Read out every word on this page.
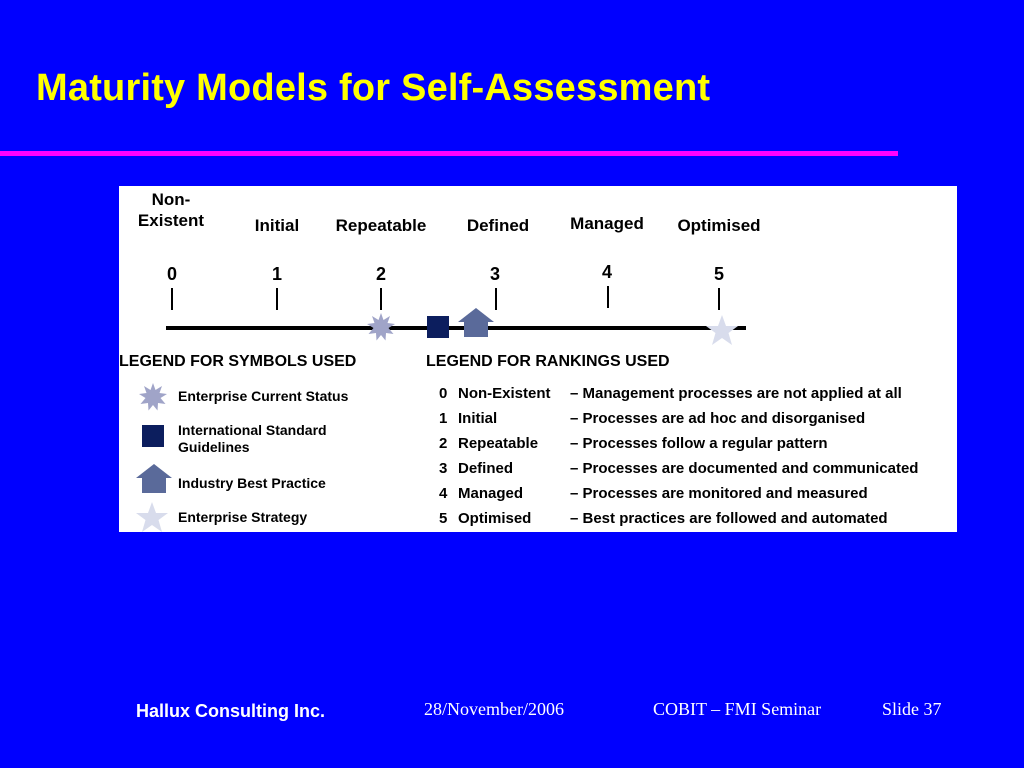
Maturity Models for Self-Assessment
Non-
Existent	Initial Repeatable Defined Managed Optimised
0	1	2	3	4	5
LEGEND FOR SYMBOLS USED	LEGEND FOR RANKINGS USED
Enterprise Current Status
International Standard
Guidelines
Industry Best Practice
Enterprise Strategy
0 Non-Existent – Management processes are not applied at all
1 Initial	– Processes are ad hoc and disorganised
2 Repeatable – Processes follow a regular pattern
3 Defined	– Processes are documented and communicated
4 Managed	– Processes are monitored and measured
5 Optimised	– Best practices are followed and automated
Hallux Consulting Inc.	28/November/2006	COBIT – FMI Seminar	Slide 37
